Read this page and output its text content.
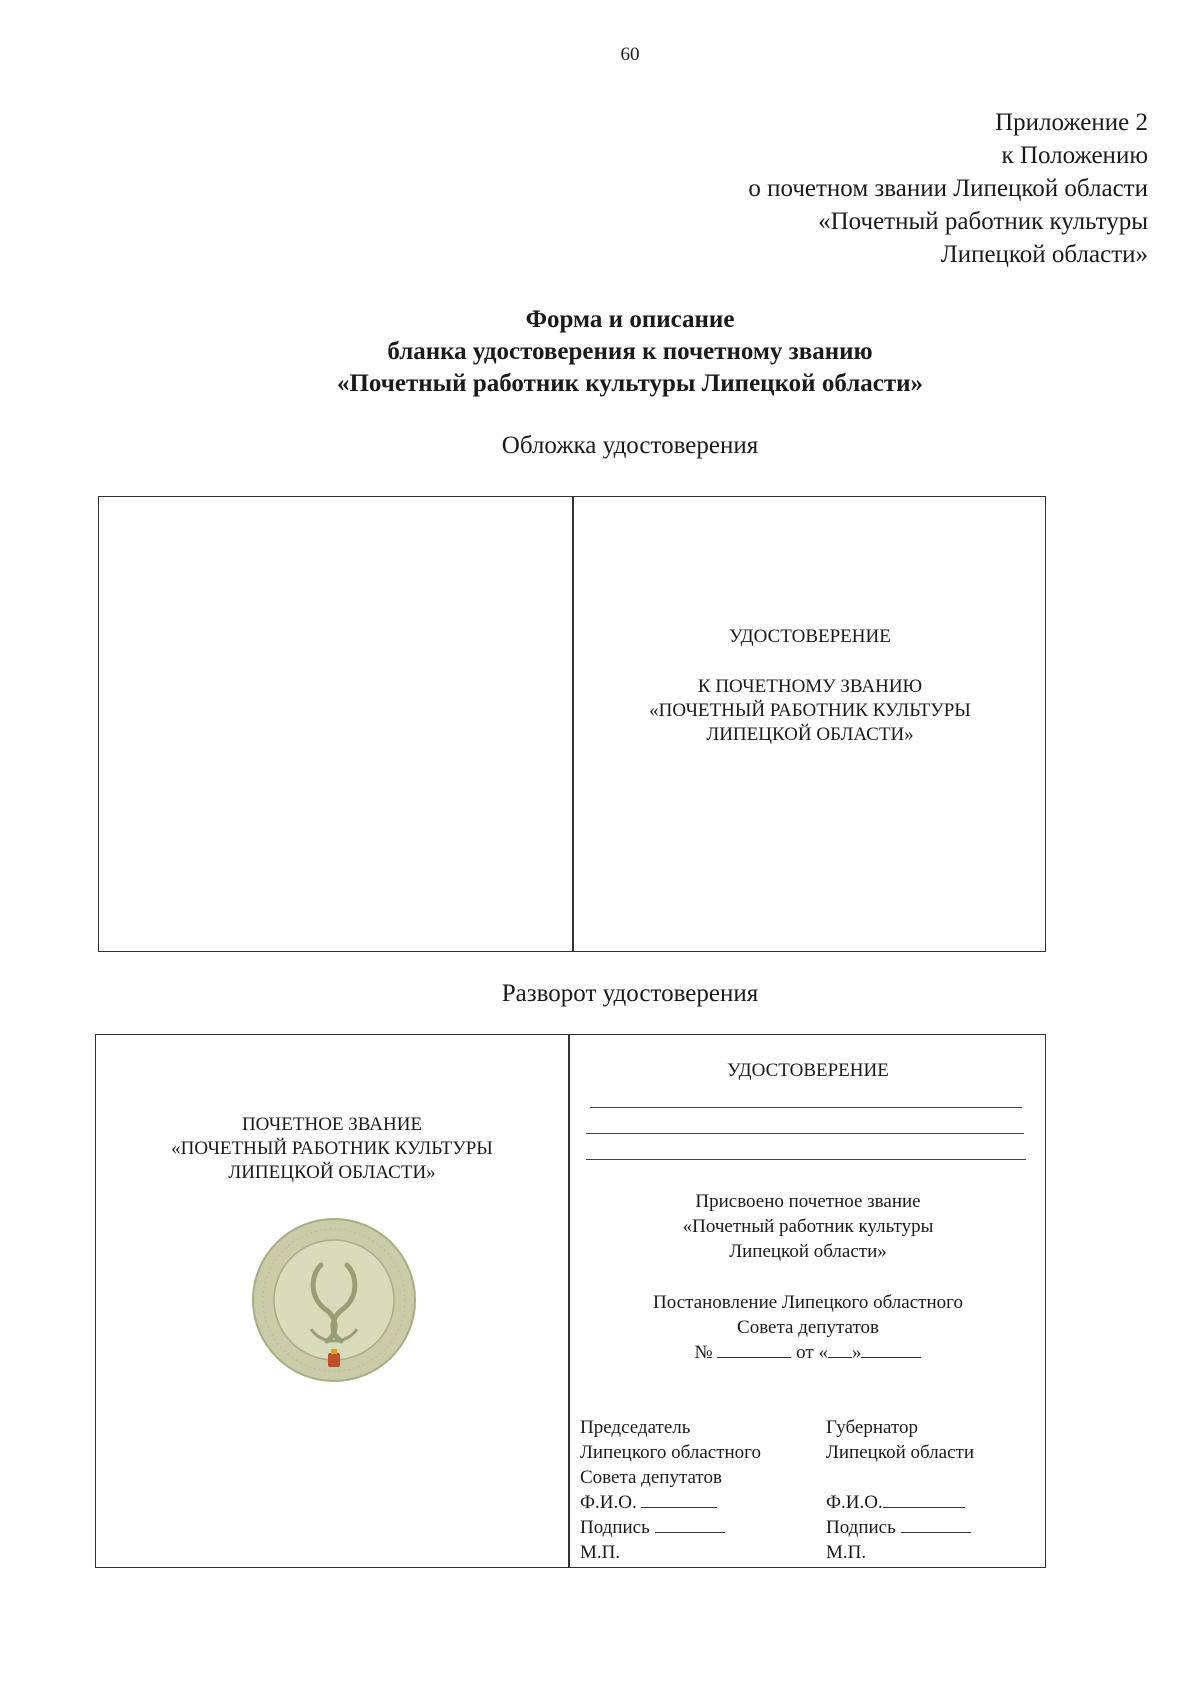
60
Приложение 2
к Положению
о почетном звании Липецкой области
«Почетный работник культуры
Липецкой области»
Форма и описание
бланка удостоверения к почетному званию
«Почетный работник культуры Липецкой области»
Обложка удостоверения
УДОСТОВЕРЕНИЕ
К ПОЧЕТНОМУ ЗВАНИЮ
«ПОЧЕТНЫЙ РАБОТНИК КУЛЬТУРЫ
ЛИПЕЦКОЙ ОБЛАСТИ»
Разворот удостоверения
ПОЧЕТНОЕ ЗВАНИЕ
«ПОЧЕТНЫЙ РАБОТНИК КУЛЬТУРЫ
ЛИПЕЦКОЙ ОБЛАСТИ»
УДОСТОВЕРЕНИЕ
Присвоено почетное звание
«Почетный работник культуры
Липецкой области»
Постановление Липецкого областного
Совета депутатов
№	от « »
Председатель
Липецкого областного
Совета депутатов
Ф.И.О.
Подпись
М.П.
Губернатор
Липецкой области
Ф.И.О.
Подпись
М.П.
